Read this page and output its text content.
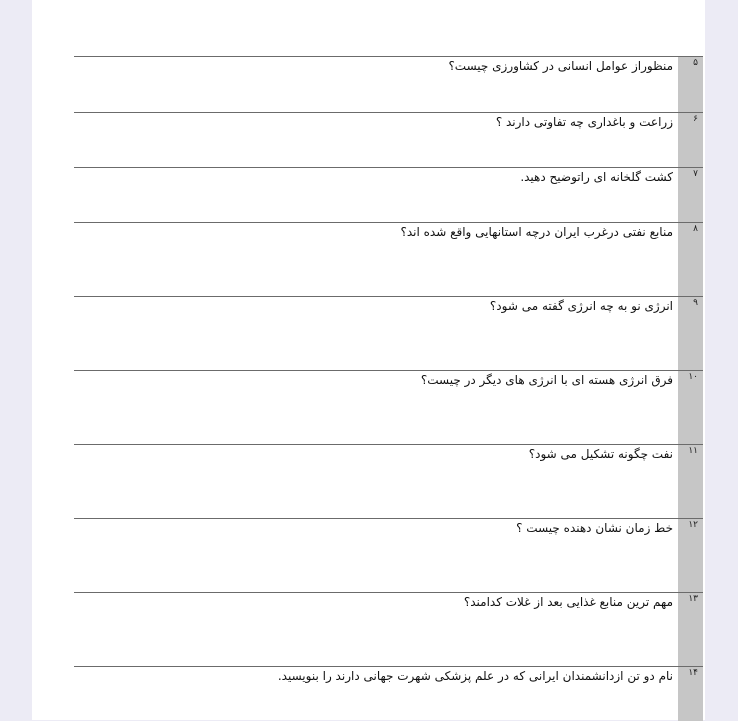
۵
منظوراز عوامل انسانی در کشاورزی چیست؟
۶
زراعت و باغداری چه تفاوتی دارند ؟
۷
کشت گلخانه ای راتوضیح دهید.
۸
منابع نفتی درغرب ایران درچه استانهایی واقع شده اند؟
۹
انرژی نو به چه انرژی گفته می شود؟
۱۰
فرق انرژی هسته ای با انرژی های دیگر در چیست؟
۱۱
نفت چگونه تشکیل می شود؟
۱۲
خط زمان نشان دهنده چیست ؟
۱۳
مهم ترین منابع غذایی بعد از غلات کدامند؟
۱۴
نام دو تن ازدانشمندان ایرانی که در علم پزشکی شهرت جهانی دارند را بنویسید.
